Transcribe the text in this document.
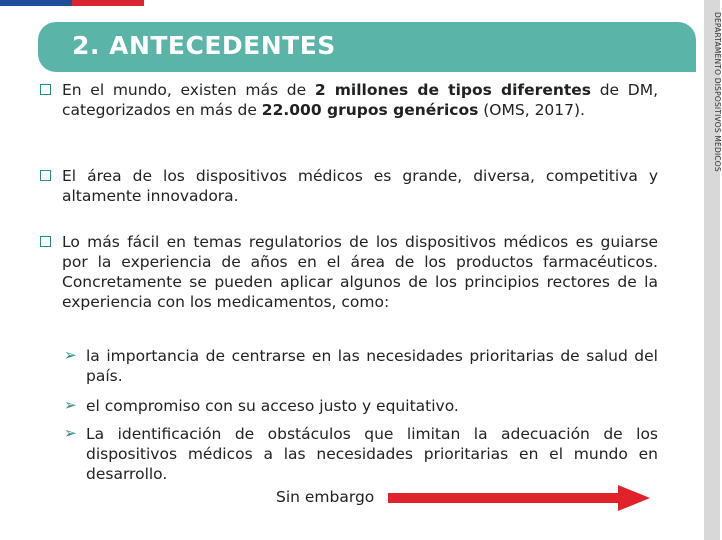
DEPARTAMENTO DISPOSITIVOS MÉDICOS
2. ANTECEDENTES
En el mundo, existen más de 2 millones de tipos diferentes de DM, categorizados en más de 22.000 grupos genéricos (OMS, 2017).
El área de los dispositivos médicos es grande, diversa, competitiva y altamente innovadora.
Lo más fácil en temas regulatorios de los dispositivos médicos es guiarse por la experiencia de años en el área de los productos farmacéuticos. Concretamente se pueden aplicar algunos de los principios rectores de la experiencia con los medicamentos, como:
➢ la importancia de centrarse en las necesidades prioritarias de salud del país.
➢ el compromiso con su acceso justo y equitativo.
➢ La identificación de obstáculos que limitan la adecuación de los dispositivos médicos a las necesidades prioritarias en el mundo en desarrollo.
Sin embargo
